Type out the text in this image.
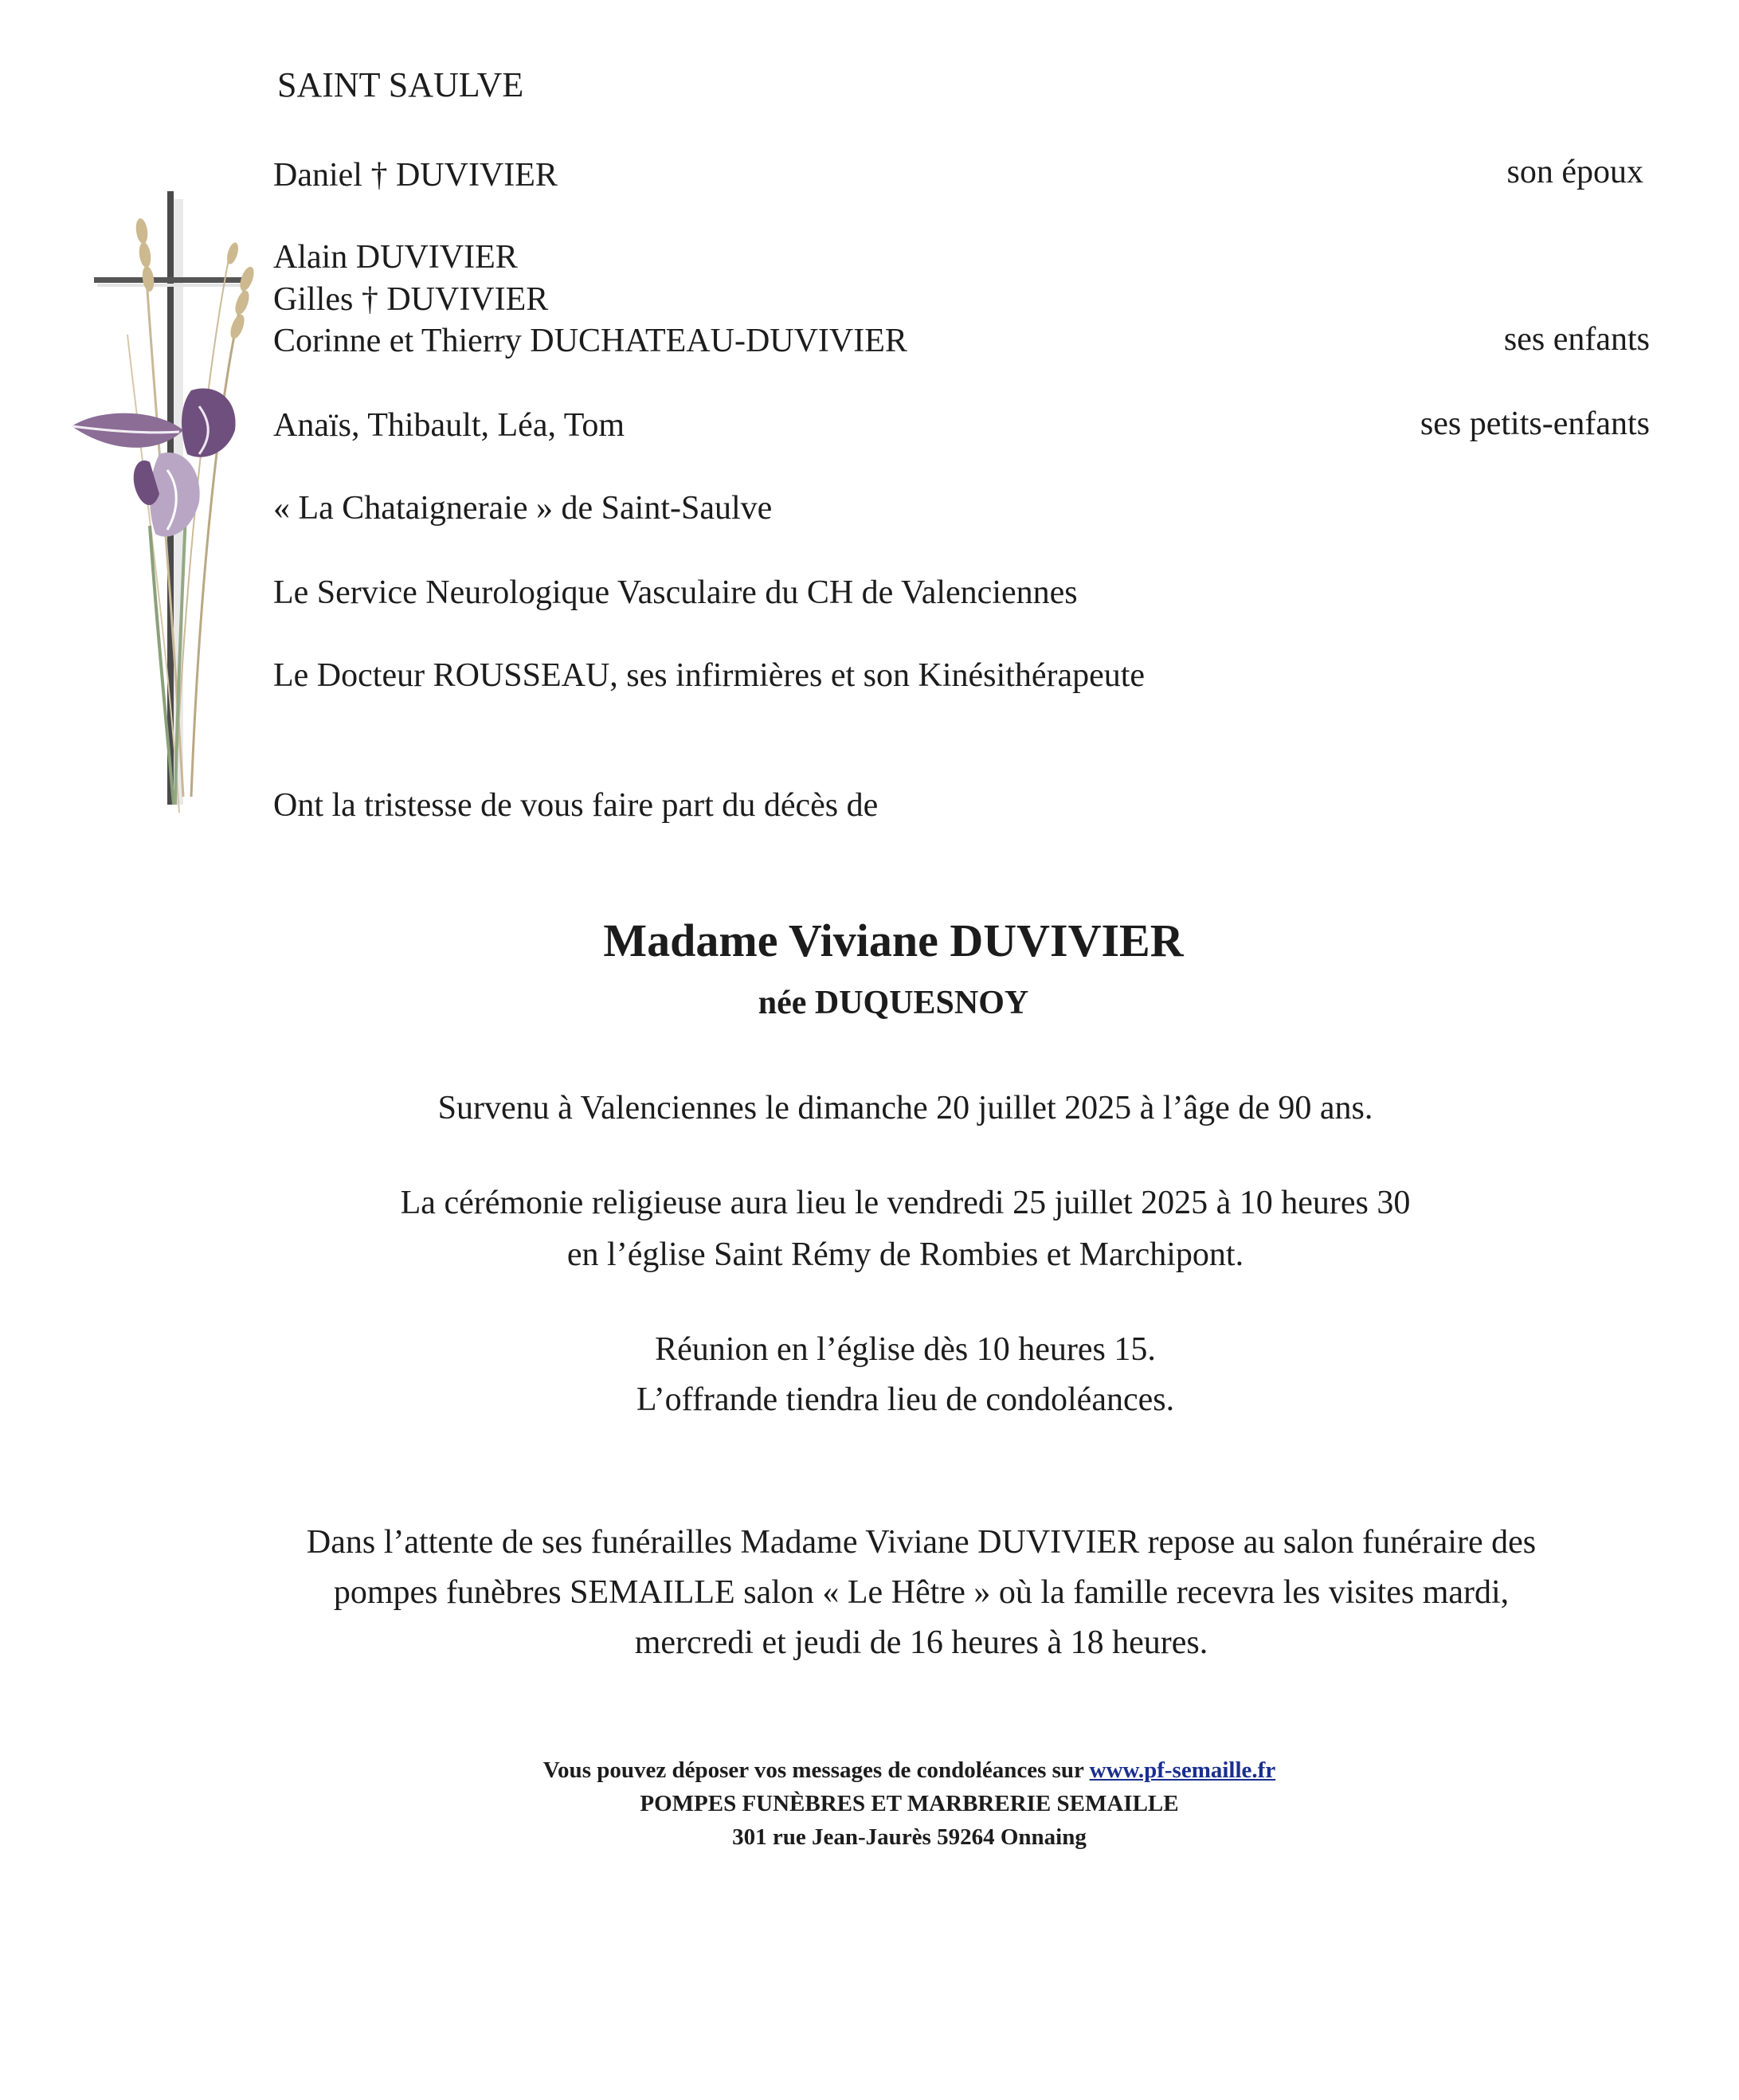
SAINT SAULVE
Daniel † DUVIVIER	son époux
Alain DUVIVIER
Gilles † DUVIVIER
Corinne et Thierry DUCHATEAU-DUVIVIER	ses enfants
Anaïs, Thibault, Léa, Tom	ses petits-enfants
« La Chataigneraie » de Saint-Saulve
Le Service Neurologique Vasculaire du CH de Valenciennes
Le Docteur ROUSSEAU, ses infirmières et son Kinésithérapeute
Ont la tristesse de vous faire part du décès de
Madame Viviane DUVIVIER
née DUQUESNOY
Survenu à Valenciennes le dimanche 20 juillet 2025 à l’âge de 90 ans.
La cérémonie religieuse aura lieu le vendredi 25 juillet 2025 à 10 heures 30
en l’église Saint Rémy de Rombies et Marchipont.
Réunion en l’église dès 10 heures 15.
L’offrande tiendra lieu de condoléances.
Dans l’attente de ses funérailles Madame Viviane DUVIVIER repose au salon funéraire des
pompes funèbres SEMAILLE salon « Le Hêtre » où la famille recevra les visites mardi,
mercredi et jeudi de 16 heures à 18 heures.
Vous pouvez déposer vos messages de condoléances sur www.pf-semaille.fr
POMPES FUNÈBRES ET MARBRERIE SEMAILLE
301 rue Jean-Jaurès 59264 Onnaing
